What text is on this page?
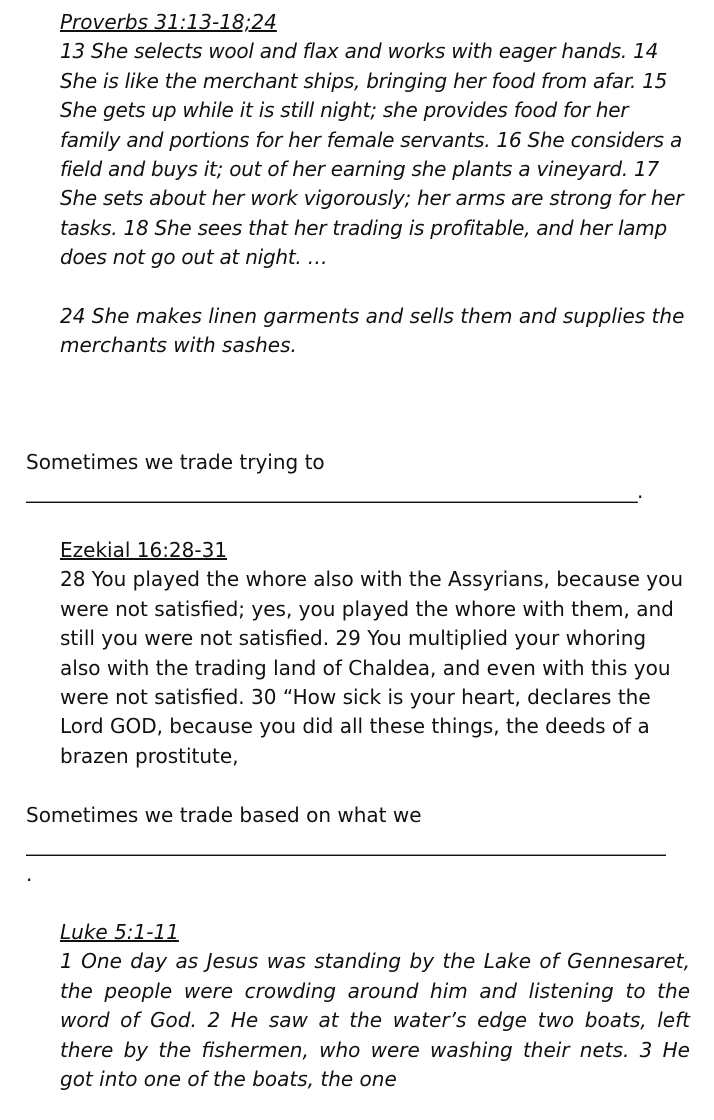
Proverbs 31:13-18;24
13 She selects wool and flax and works with eager hands. 14 She is like the merchant ships, bringing her food from afar. 15 She gets up while it is still night; she provides food for her family and portions for her female servants. 16 She considers a field and buys it; out of her earning she plants a vineyard. 17 She sets about her work vigorously; her arms are strong for her tasks. 18 She sees that her trading is profitable, and her lamp does not go out at night. …
24 She makes linen garments and sells them and supplies the merchants with sashes.
Sometimes we trade trying to
_________________________________________________________________.
Ezekial 16:28-31
28 You played the whore also with the Assyrians, because you were not satisfied; yes, you played the whore with them, and still you were not satisfied. 29 You multiplied your whoring also with the trading land of Chaldea, and even with this you were not satisfied. 30 “How sick is your heart, declares the Lord GOD, because you did all these things, the deeds of a brazen prostitute,
Sometimes we trade based on what we
____________________________________________________________________
.
Luke 5:1-11
1 One day as Jesus was standing by the Lake of Gennesaret, the people were crowding around him and listening to the word of God. 2 He saw at the water’s edge two boats, left there by the fishermen, who were washing their nets. 3 He got into one of the boats, the one
